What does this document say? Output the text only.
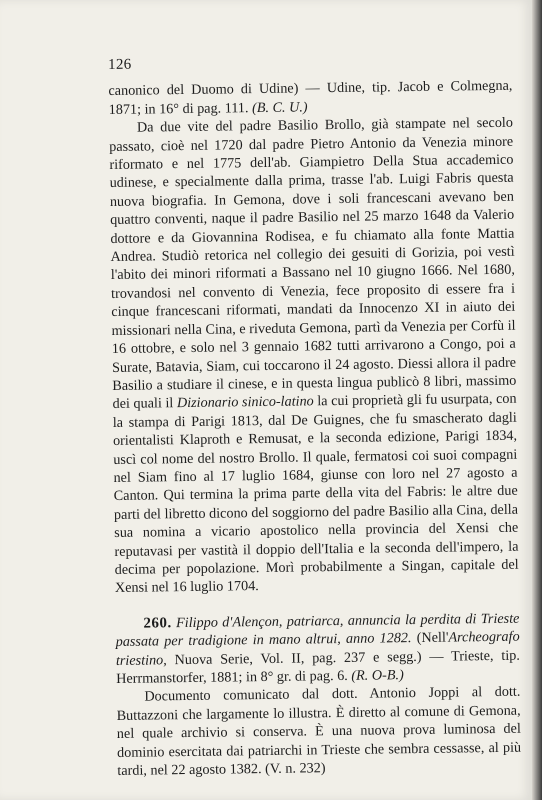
126

canonico del Duomo di Udine) — Udine, tip. Jacob e Colmegna, 1871; in 16° di pag. 111. (B. C. U.)

Da due vite del padre Basilio Brollo, già stampate nel secolo passato, cioè nel 1720 dal padre Pietro Antonio da Venezia minore riformato e nel 1775 dell'ab. Giampietro Della Stua accademico udinese, e specialmente dalla prima, trasse l'ab. Luigi Fabris questa nuova biografia. In Gemona, dove i soli francescani avevano ben quattro conventi, naque il padre Basilio nel 25 marzo 1648 da Valerio dottore e da Giovannina Rodisea, e fu chiamato alla fonte Mattia Andrea. Studiò retorica nel collegio dei gesuiti di Gorizia, poi vestì l'abito dei minori riformati a Bassano nel 10 giugno 1666. Nel 1680, trovandosi nel convento di Venezia, fece proposito di essere fra i cinque francescani riformati, mandati da Innocenzo XI in aiuto dei missionari nella Cina, e riveduta Gemona, partì da Venezia per Corfù il 16 ottobre, e solo nel 3 gennaio 1682 tutti arrivarono a Congo, poi a Surate, Batavia, Siam, cui toccarono il 24 agosto. Diessi allora il padre Basilio a studiare il cinese, e in questa lingua publicò 8 libri, massimo dei quali il Dizionario sinico-latino la cui proprietà gli fu usurpata, con la stampa di Parigi 1813, dal De Guignes, che fu smascherato dagli orientalisti Klaproth e Remusat, e la seconda edizione, Parigi 1834, uscì col nome del nostro Brollo. Il quale, fermatosi coi suoi compagni nel Siam fino al 17 luglio 1684, giunse con loro nel 27 agosto a Canton. Qui termina la prima parte della vita del Fabris: le altre due parti del libretto dicono del soggiorno del padre Basilio alla Cina, della sua nomina a vicario apostolico nella provincia del Xensi che reputavasi per vastità il doppio dell'Italia e la seconda dell'impero, la decima per popolazione. Morì probabilmente a Singan, capitale del Xensi nel 16 luglio 1704.

260. Filippo d'Alençon, patriarca, annuncia la perdita di Trieste passata per tradigione in mano altrui, anno 1282. (Nell'Archeografo triestino, Nuova Serie, Vol. II, pag. 237 e segg.) — Trieste, tip. Herrmanstorfer, 1881; in 8° gr. di pag. 6. (R. O-B.)

Documento comunicato dal dott. Antonio Joppi al dott. Buttazzoni che largamente lo illustra. È diretto al comune di Gemona, nel quale archivio si conserva. È una nuova prova luminosa del dominio esercitata dai patriarchi in Trieste che sembra cessasse, al più tardi, nel 22 agosto 1382. (V. n. 232)
